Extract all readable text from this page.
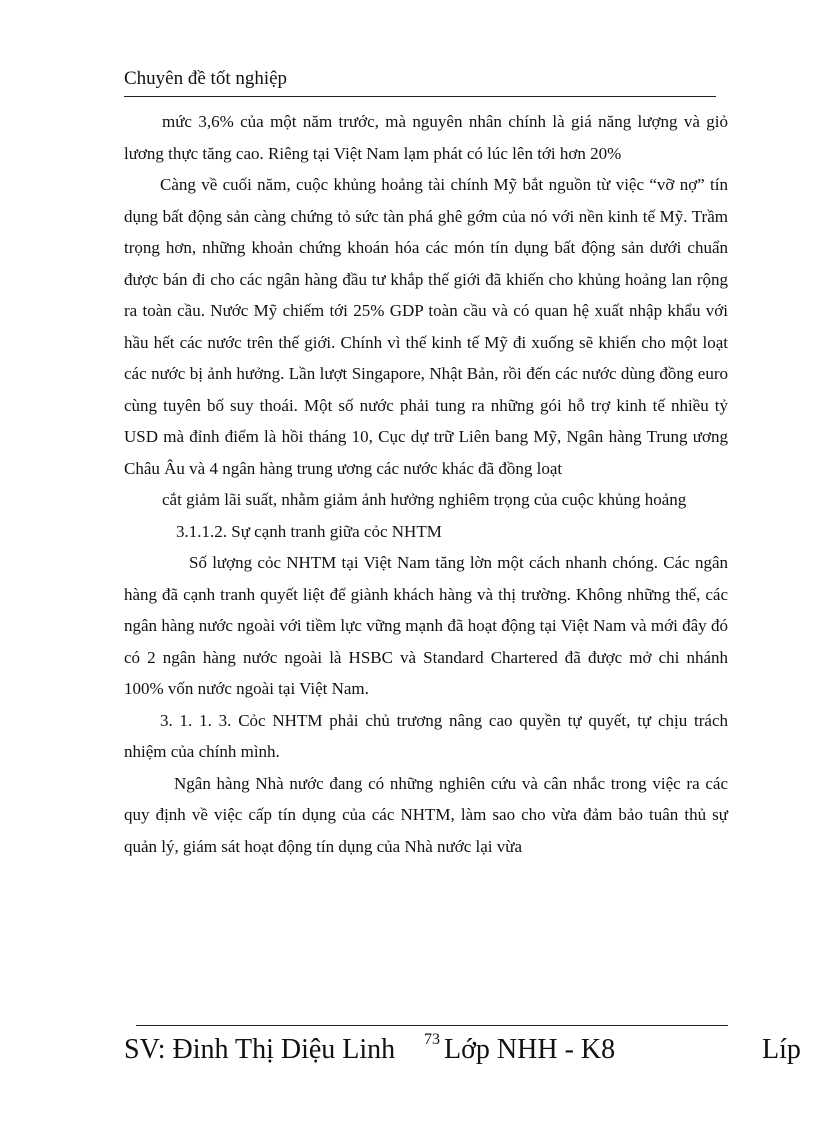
Chuyên đề tốt nghiệp

mức 3,6% của một năm trước, mà nguyên nhân chính là giá năng lượng và giỏ lương thực tăng cao. Riêng tại Việt Nam lạm phát có lúc lên tới hơn 20%

Càng về cuối năm, cuộc khủng hoảng tài chính Mỹ bắt nguồn từ việc “vỡ nợ” tín dụng bất động sản càng chứng tỏ sức tàn phá ghê gớm của nó với nền kinh tế Mỹ. Trầm trọng hơn, những khoản chứng khoán hóa các món tín dụng bất động sản dưới chuẩn được bán đi cho các ngân hàng đầu tư khắp thế giới đã khiến cho khủng hoảng lan rộng ra toàn cầu. Nước Mỹ chiếm tới 25% GDP toàn cầu và có quan hệ xuất nhập khẩu với hầu hết các nước trên thế giới. Chính vì thế kinh tế Mỹ đi xuống sẽ khiến cho một loạt các nước bị ảnh hưởng. Lần lượt Singapore, Nhật Bản, rồi đến các nước dùng đồng euro cùng tuyên bố suy thoái. Một số nước phải tung ra những gói hỗ trợ kinh tế nhiều tỷ USD mà đỉnh điểm là hồi tháng 10, Cục dự trữ Liên bang Mỹ, Ngân hàng Trung ương Châu Âu và 4 ngân hàng trung ương các nước khác đã đồng loạt

cắt giảm lãi suất, nhằm giảm ảnh hưởng nghiêm trọng của cuộc khủng hoảng

3.1.1.2. Sự cạnh tranh giữa cỏc NHTM

Số lượng cỏc NHTM tại Việt Nam tăng lờn một cách nhanh chóng. Các ngân hàng đã cạnh tranh quyết liệt để giành khách hàng và thị trường. Không những thế, các ngân hàng nước ngoài với tiềm lực vững mạnh đã hoạt động tại Việt Nam và mới đây đó có 2 ngân hàng nước ngoài là HSBC và Standard Chartered đã được mở chi nhánh 100% vốn nước ngoài tại Việt Nam.

3. 1. 1. 3. Cỏc NHTM phải chủ trương nâng cao quyền tự quyết, tự chịu trách nhiệm của chính mình.

Ngân hàng Nhà nước đang có những nghiên cứu và cân nhắc trong việc ra các quy định về việc cấp tín dụng của các NHTM, làm sao cho vừa đảm bảo tuân thủ sự quản lý, giám sát hoạt động tín dụng của Nhà nước lại vừa

SV: Đinh Thị Diệu Linh 73 Lớp NHH - K8	Líp
